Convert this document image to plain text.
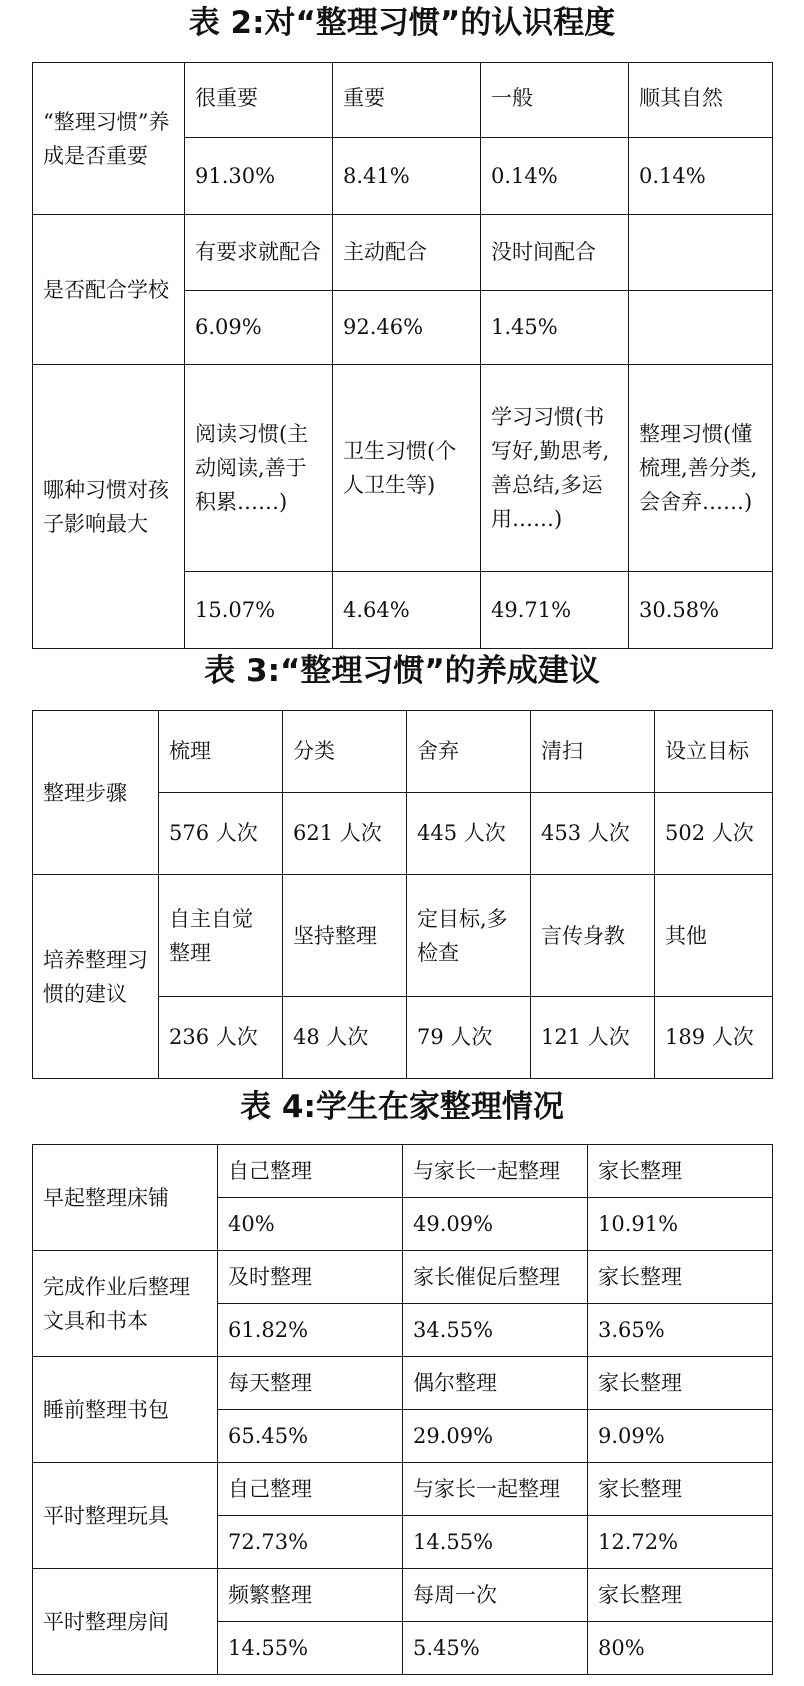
表 2:对“整理习惯”的认识程度
“整理习惯”养成是否重要	很重要	重要	一般	顺其自然
	91.30%	8.41%	0.14%	0.14%

是否配合学校	有要求就配合	主动配合	没时间配合	
	6.09%	92.46%	1.45%	

哪种习惯对孩子影响最大	阅读习惯(主动阅读,善于积累……)	卫生习惯(个人卫生等)	学习习惯(书写好,勤思考,善总结,多运用……)	整理习惯(懂梳理,善分类,会舍弃……)
	15.07%	4.64%	49.71%	30.58%
表 3:“整理习惯”的养成建议
整理步骤	梳理	分类	舍弃	清扫	设立目标
	576 人次	621 人次	445 人次	453 人次	502 人次

培养整理习惯的建议	自主自觉整理	坚持整理	定目标,多检查	言传身教	其他
	236 人次	48 人次	79 人次	121 人次	189 人次
表 4:学生在家整理情况
早起整理床铺	自己整理	与家长一起整理	家长整理
	40%	49.09%	10.91%

完成作业后整理文具和书本	及时整理	家长催促后整理	家长整理
	61.82%	34.55%	3.65%

睡前整理书包	每天整理	偶尔整理	家长整理
	65.45%	29.09%	9.09%

平时整理玩具	自己整理	与家长一起整理	家长整理
	72.73%	14.55%	12.72%

平时整理房间	频繁整理	每周一次	家长整理
	14.55%	5.45%	80%
